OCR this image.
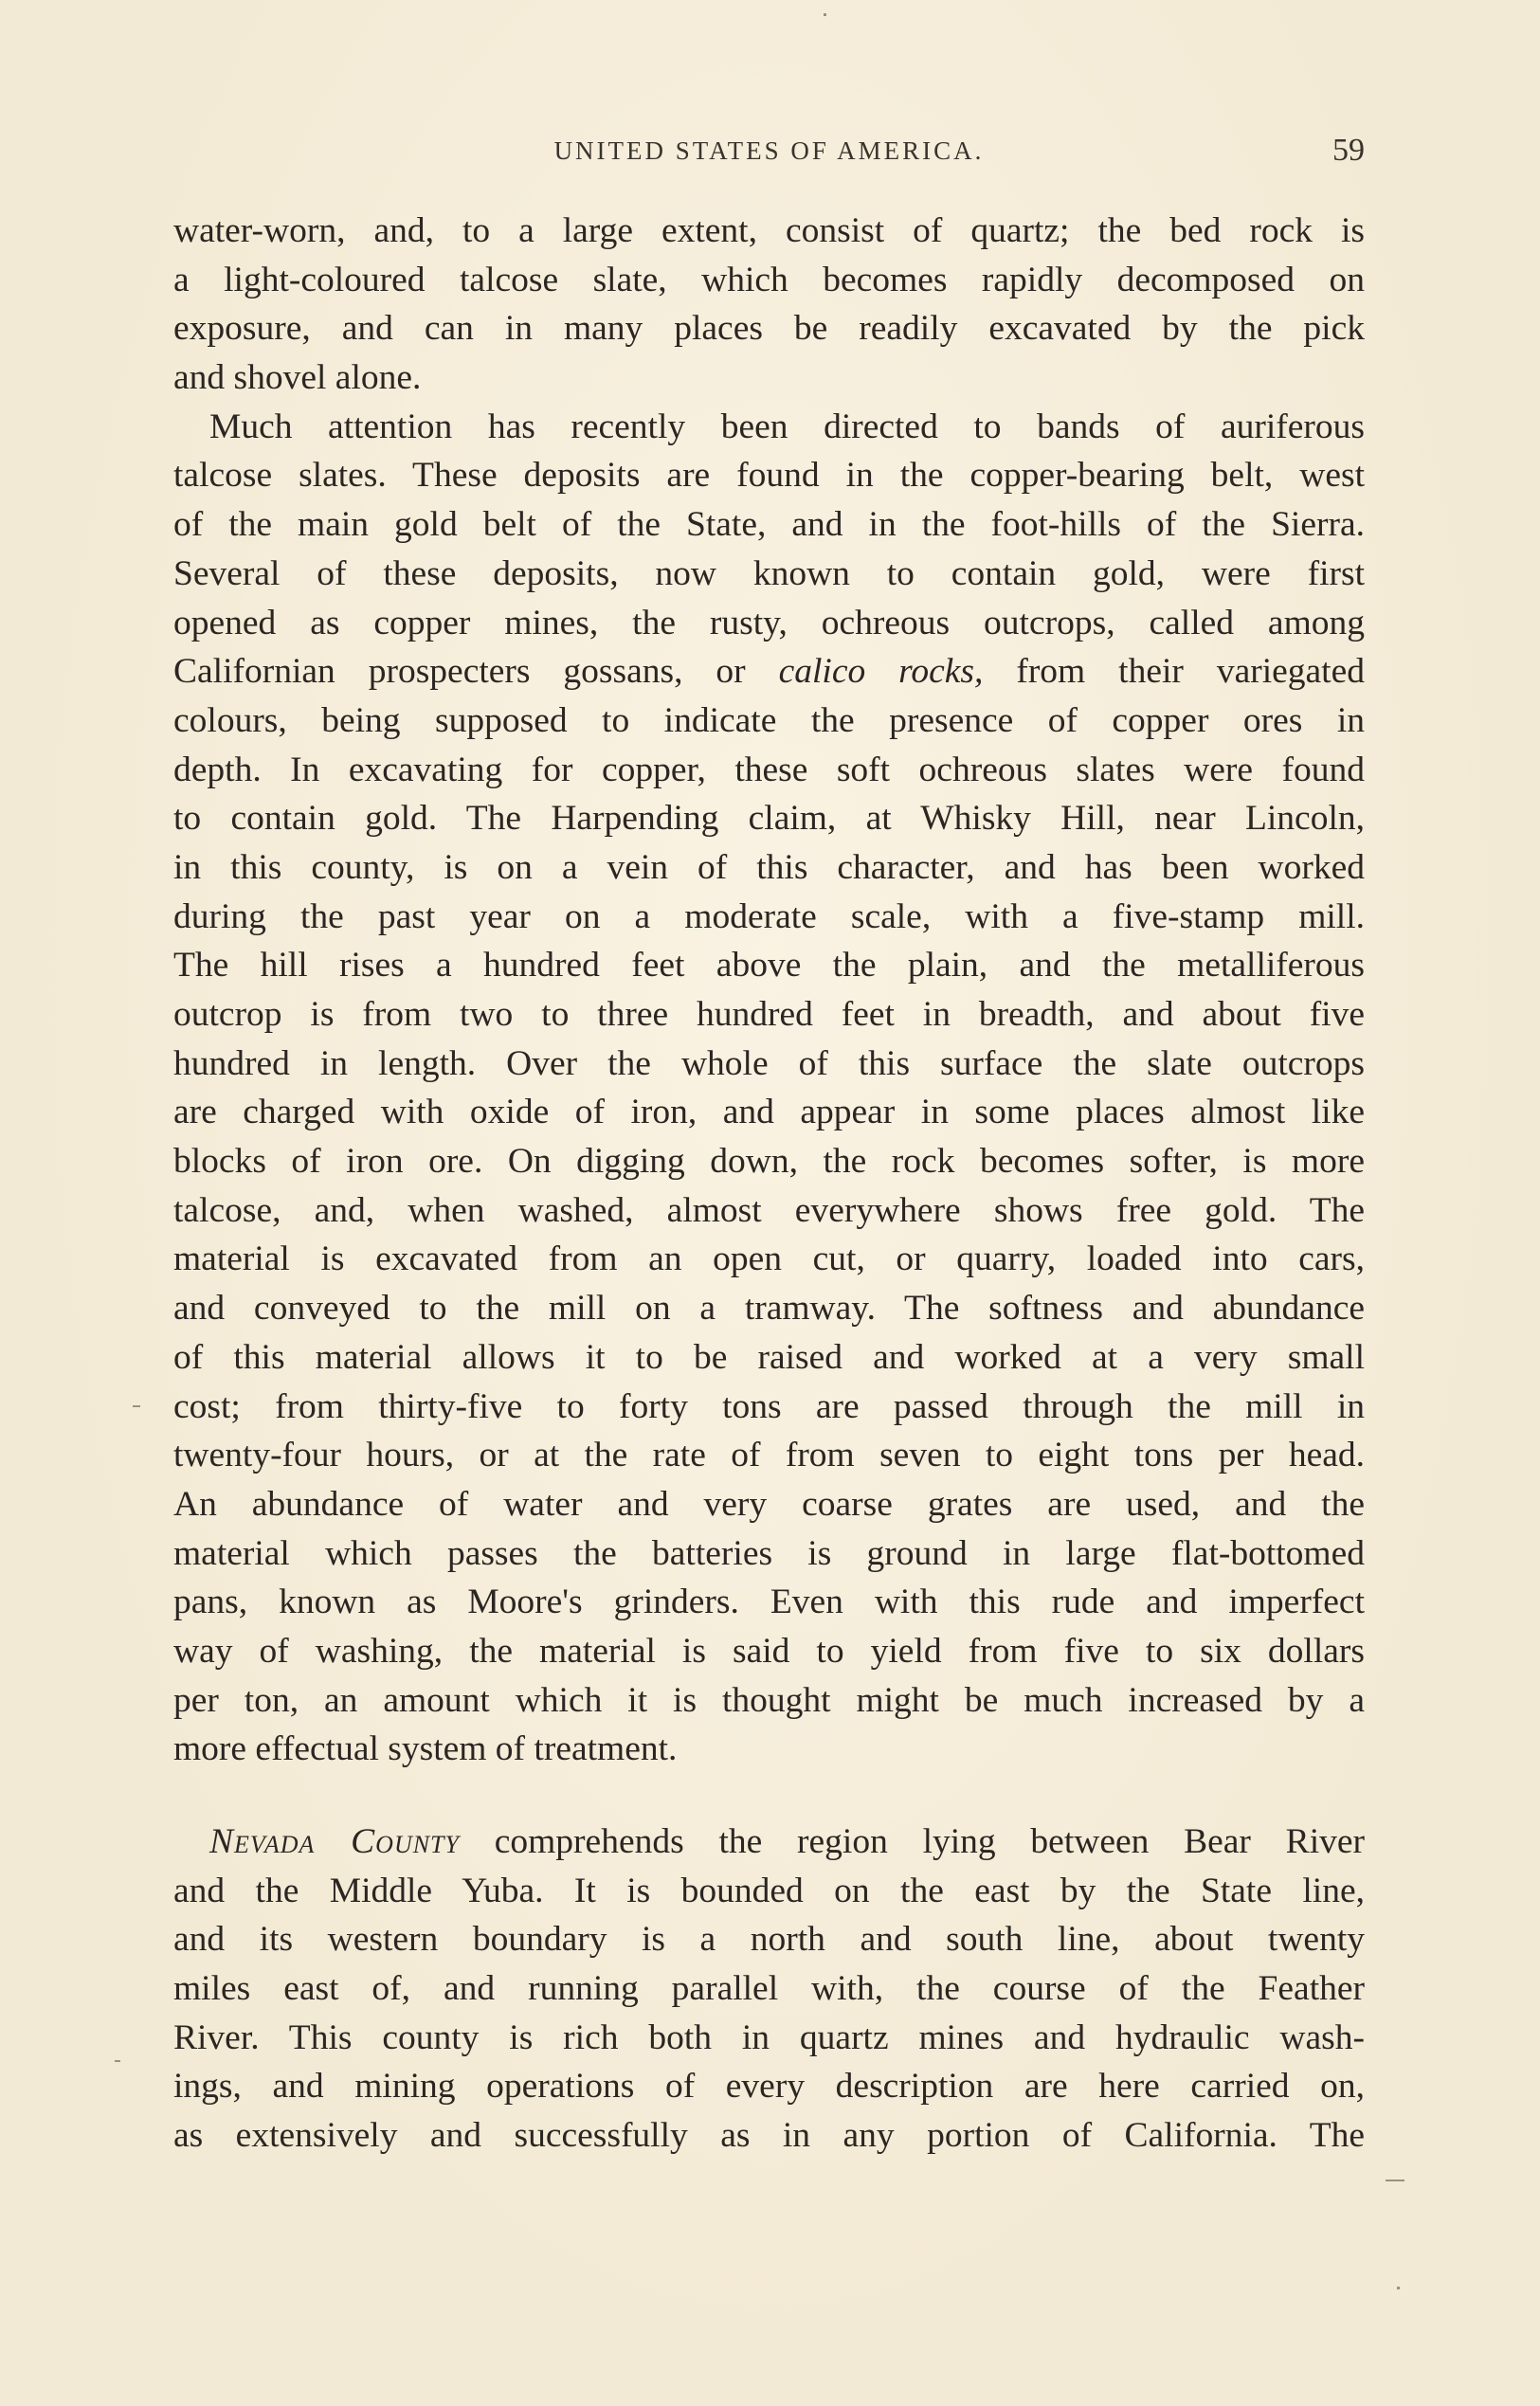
UNITED STATES OF AMERICA.	59
water-worn, and, to a large extent, consist of quartz; the bed rock is
a light-coloured talcose slate, which becomes rapidly decomposed on
exposure, and can in many places be readily excavated by the pick
and shovel alone.
Much attention has recently been directed to bands of auriferous
talcose slates. These deposits are found in the copper-bearing belt, west
of the main gold belt of the State, and in the foot-hills of the Sierra.
Several of these deposits, now known to contain gold, were first
opened as copper mines, the rusty, ochreous outcrops, called among
Californian prospecters gossans, or calico rocks, from their variegated
colours, being supposed to indicate the presence of copper ores in
depth. In excavating for copper, these soft ochreous slates were found
to contain gold. The Harpending claim, at Whisky Hill, near Lincoln,
in this county, is on a vein of this character, and has been worked
during the past year on a moderate scale, with a five-stamp mill.
The hill rises a hundred feet above the plain, and the metalliferous
outcrop is from two to three hundred feet in breadth, and about five
hundred in length. Over the whole of this surface the slate outcrops
are charged with oxide of iron, and appear in some places almost like
blocks of iron ore. On digging down, the rock becomes softer, is more
talcose, and, when washed, almost everywhere shows free gold. The
material is excavated from an open cut, or quarry, loaded into cars,
and conveyed to the mill on a tramway. The softness and abundance
of this material allows it to be raised and worked at a very small
cost; from thirty-five to forty tons are passed through the mill in
twenty-four hours, or at the rate of from seven to eight tons per head.
An abundance of water and very coarse grates are used, and the
material which passes the batteries is ground in large flat-bottomed
pans, known as Moore's grinders. Even with this rude and imperfect
way of washing, the material is said to yield from five to six dollars
per ton, an amount which it is thought might be much increased by a
more effectual system of treatment.
Nevada County comprehends the region lying between Bear River
and the Middle Yuba. It is bounded on the east by the State line,
and its western boundary is a north and south line, about twenty
miles east of, and running parallel with, the course of the Feather
River. This county is rich both in quartz mines and hydraulic wash-
ings, and mining operations of every description are here carried on,
as extensively and successfully as in any portion of California. The
